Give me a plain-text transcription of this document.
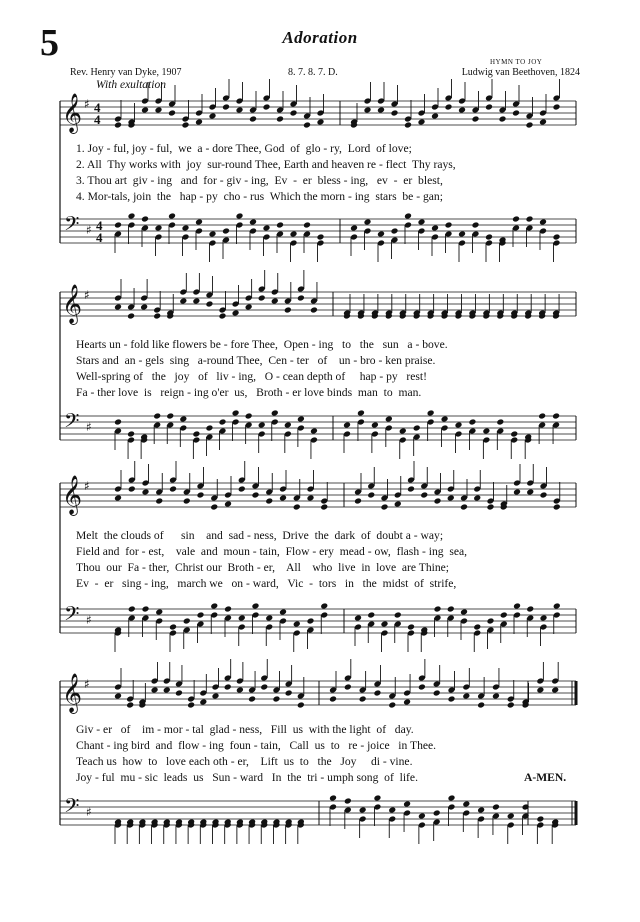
5	Adoration
HYMN TO JOY
Rev. Henry van Dyke, 1907	8. 7. 8. 7. D.	Ludwig van Beethoven, 1824
With exultation
𝄞
𝄢
♯
♯
4
4
4
4
𝄞
𝄢
♯
♯
𝄞
𝄢
♯
♯
𝄞
𝄢
♯
♯
1. Joy - ful, joy - ful,  we  a - dore Thee, God  of  glo - ry,  Lord  of love;
2. All  Thy works with  joy  sur-round Thee, Earth and heaven re - flect  Thy rays,
3. Thou art  giv - ing   and  for - giv - ing,  Ev  -  er  bless - ing,   ev  -  er  blest,
4. Mor-tals, join  the   hap - py  cho - rus  Which the morn - ing  stars  be - gan;
Hearts un - fold like flowers be - fore Thee,  Open - ing   to   the   sun   a - bove.
Stars and  an - gels  sing   a-round Thee,  Cen - ter   of    un - bro - ken praise.
Well-spring of   the   joy   of   liv - ing,   O - cean depth of     hap - py   rest!
Fa - ther love  is   reign - ing o'er  us,   Broth - er love binds  man  to  man.
Melt  the clouds of      sin    and  sad - ness,  Drive  the  dark  of  doubt a - way;
Field and  for - est,    vale  and  moun - tain,  Flow - ery  mead - ow,  flash - ing  sea,
Thou  our  Fa - ther,  Christ our  Broth - er,    All    who  live  in  love  are Thine;
Ev  -  er   sing - ing,   march we   on - ward,   Vic  -  tors   in   the  midst  of  strife,
Giv - er   of    im - mor - tal  glad - ness,   Fill  us  with the light  of   day.
Chant - ing bird  and  flow - ing  foun - tain,   Call  us  to   re - joice   in Thee.
Teach us  how  to   love each oth - er,    Lift  us  to   the   Joy     di - vine.
Joy - ful  mu - sic  leads  us   Sun - ward   In  the  tri - umph song  of  life.	A-MEN.
